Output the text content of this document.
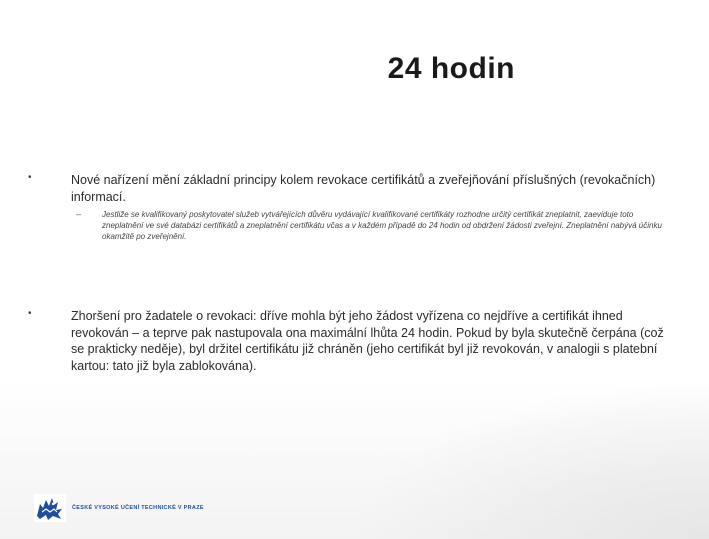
24 hodin
•	Nové nařízení mění základní principy kolem revokace certifikátů a zveřejňování příslušných (revokačních) informací.
–	Jestliže se kvalifikovaný poskytovatel služeb vytvářejících důvěru vydávající kvalifikované certifikáty rozhodne určitý certifikát zneplatnit, zaeviduje toto zneplatnění ve své databázi certifikátů a zneplatnění certifikátu včas a v každém případě do 24 hodin od obdržení žádosti zveřejní. Zneplatnění nabývá účinku okamžitě po zveřejnění.
•	Zhoršení pro žadatele o revokaci: dříve mohla být jeho žádost vyřízena co nejdříve a certifikát ihned revokován – a teprve pak nastupovala ona maximální lhůta 24 hodin. Pokud by byla skutečně čerpána (což se prakticky neděje), byl držitel certifikátu již chráněn (jeho certifikát byl již revokován, v analogii s platební kartou: tato již byla zablokována).
ČESKÉ VYSOKÉ UČENÍ TECHNICKÉ V PRAZE
